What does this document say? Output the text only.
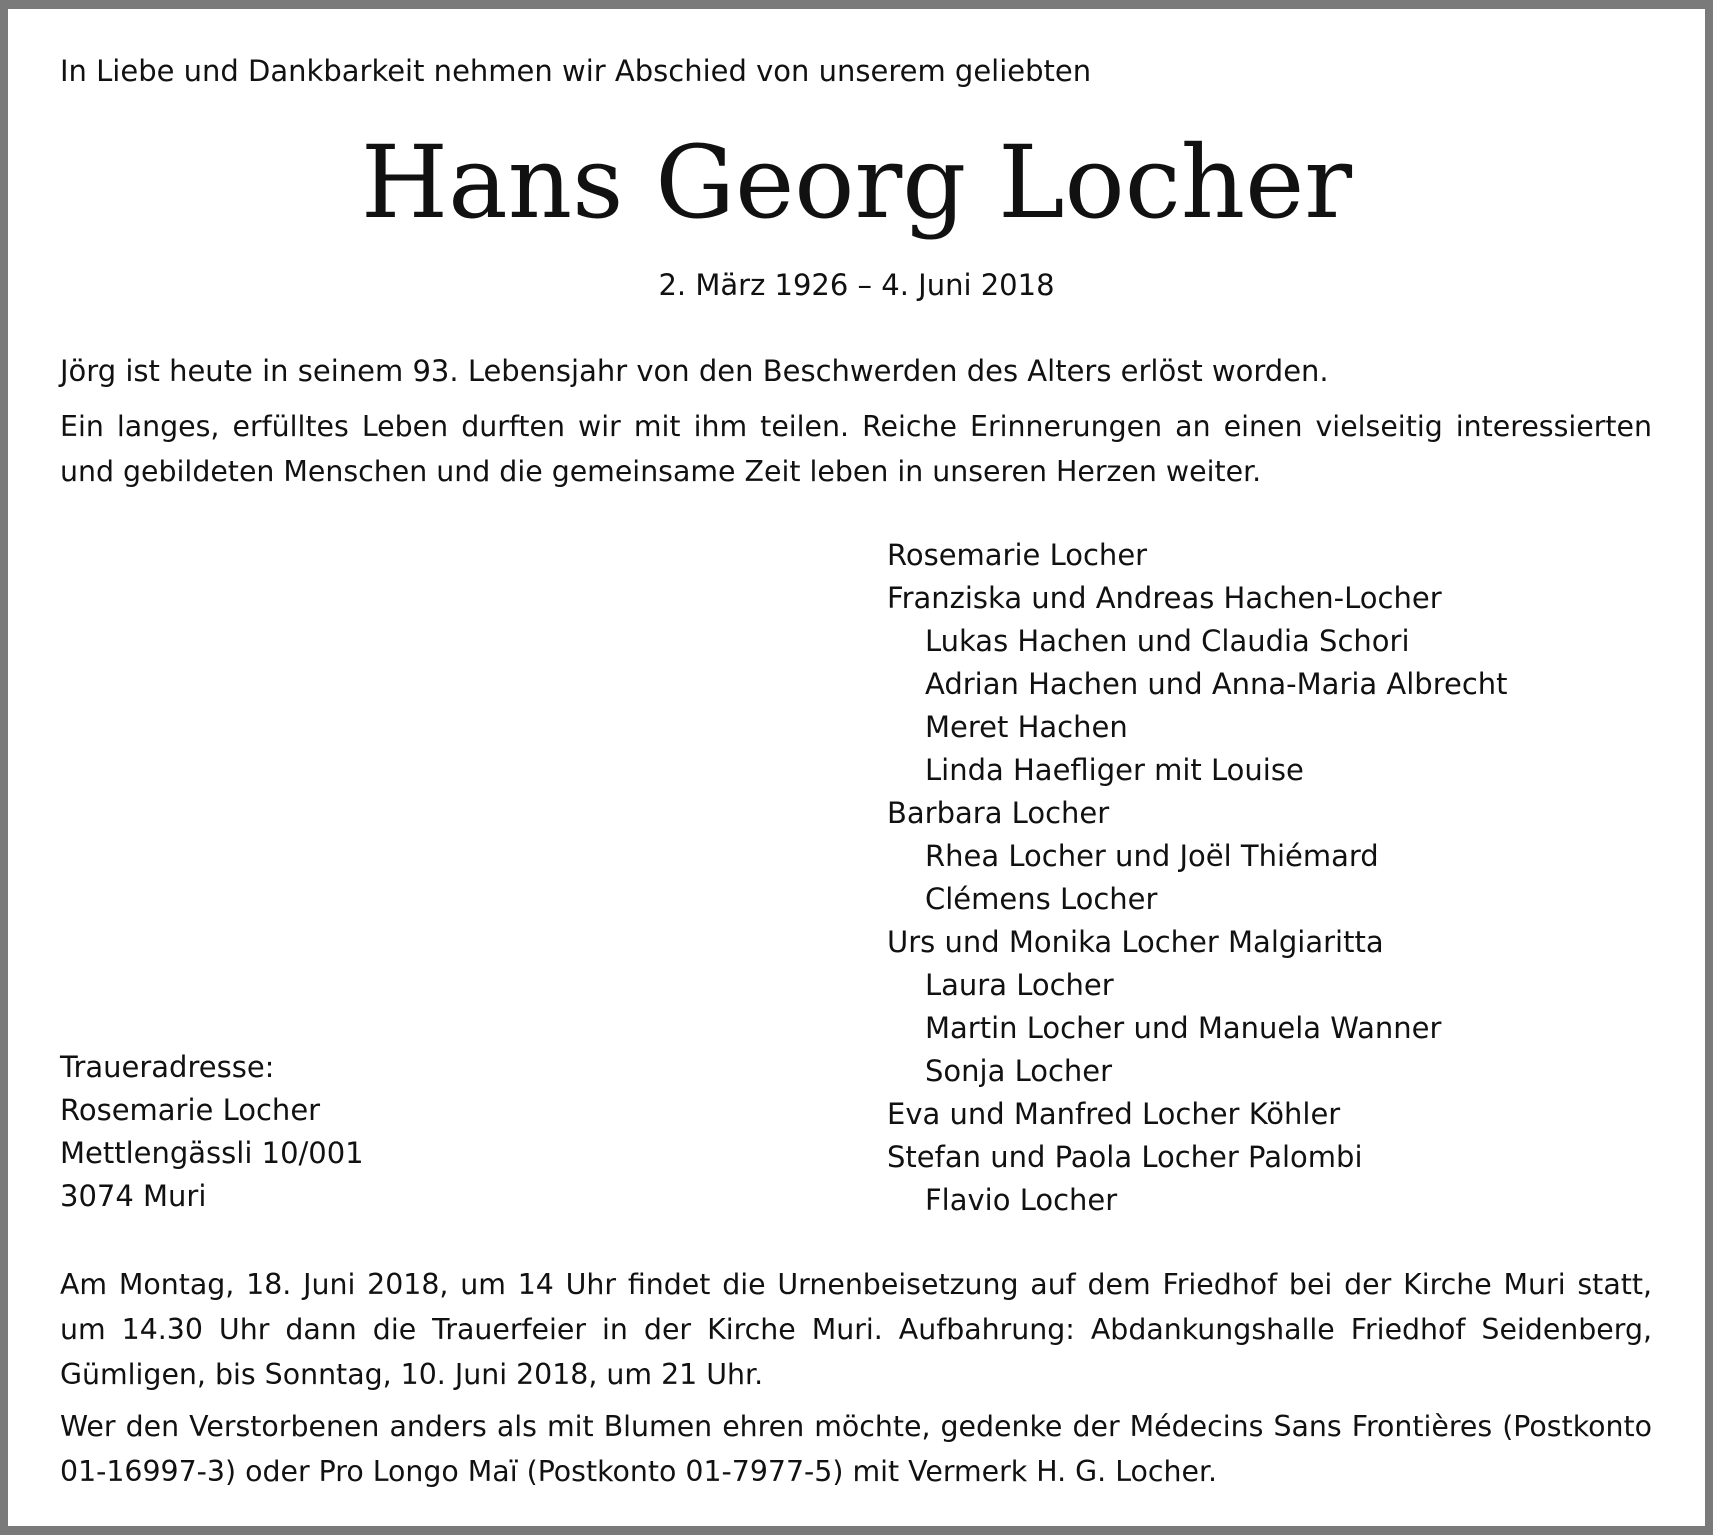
In Liebe und Dankbarkeit nehmen wir Abschied von unserem geliebten

Hans Georg Locher

2. März 1926 – 4. Juni 2018

Jörg ist heute in seinem 93. Lebensjahr von den Beschwerden des Alters erlöst worden.

Ein langes, erfülltes Leben durften wir mit ihm teilen. Reiche Erinnerungen an einen vielseitig interessierten und gebildeten Menschen und die gemeinsame Zeit leben in unseren Herzen weiter.

Rosemarie Locher
Franziska und Andreas Hachen-Locher
Lukas Hachen und Claudia Schori
Adrian Hachen und Anna-Maria Albrecht
Meret Hachen
Linda Haefliger mit Louise
Barbara Locher
Rhea Locher und Joël Thiémard
Clémens Locher
Urs und Monika Locher Malgiaritta
Laura Locher
Martin Locher und Manuela Wanner
Sonja Locher
Eva und Manfred Locher Köhler
Stefan und Paola Locher Palombi
Flavio Locher
Traueradresse:
Rosemarie Locher
Mettlengässli 10/001
3074 Muri

Am Montag, 18. Juni 2018, um 14 Uhr findet die Urnenbeisetzung auf dem Friedhof bei der Kirche Muri statt, um 14.30 Uhr dann die Trauerfeier in der Kirche Muri. Aufbahrung: Abdankungshalle Friedhof Seidenberg, Gümligen, bis Sonntag, 10. Juni 2018, um 21 Uhr.

Wer den Verstorbenen anders als mit Blumen ehren möchte, gedenke der Médecins Sans Frontières (Postkonto 01-16997-3) oder Pro Longo Maï (Postkonto 01-7977-5) mit Vermerk H. G. Locher.
